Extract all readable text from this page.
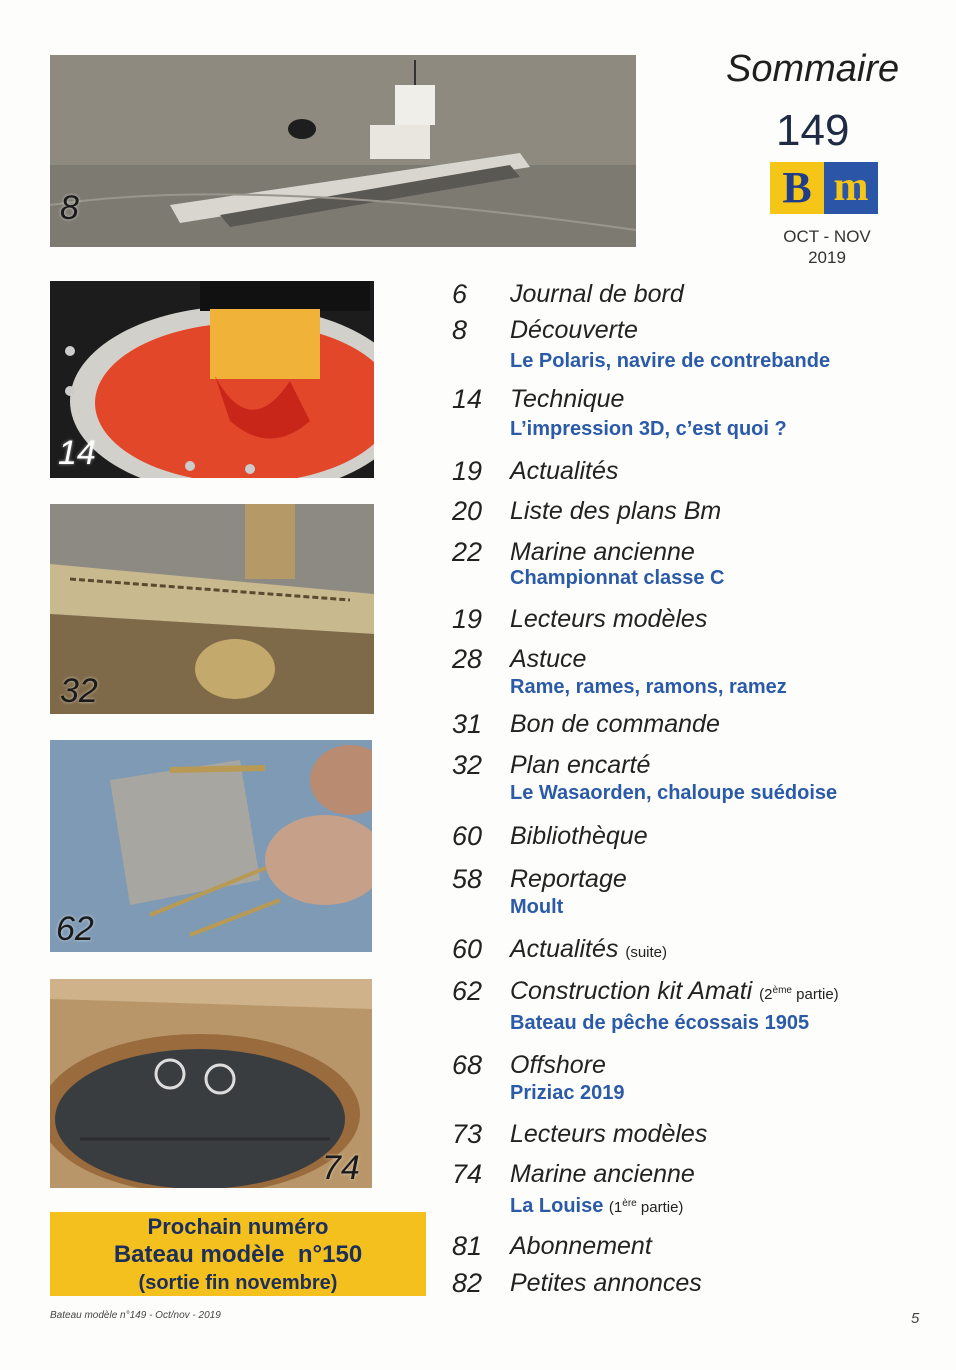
8
14
32
62
74
Sommaire
149
B m
OCT - NOV
2019
6 Journal de bord
8 Découverte
Le Polaris, navire de contrebande
14 Technique
L’impression 3D, c’est quoi ?
19 Actualités
20 Liste des plans Bm
22 Marine ancienne
Championnat classe C
19 Lecteurs modèles
28 Astuce
Rame, rames, ramons, ramez
31 Bon de commande
32 Plan encarté
Le Wasaorden, chaloupe suédoise
60 Bibliothèque
58 Reportage
Moult
60 Actualités (suite)
62 Construction kit Amati (2ème partie)
Bateau de pêche écossais 1905
68 Offshore
Priziac 2019
73 Lecteurs modèles
74 Marine ancienne
La Louise (1ère partie)
81 Abonnement
82 Petites annonces
Prochain numéro
Bateau modèle  n°150
(sortie fin novembre)
Bateau modèle n°149 - Oct/nov - 2019	5
